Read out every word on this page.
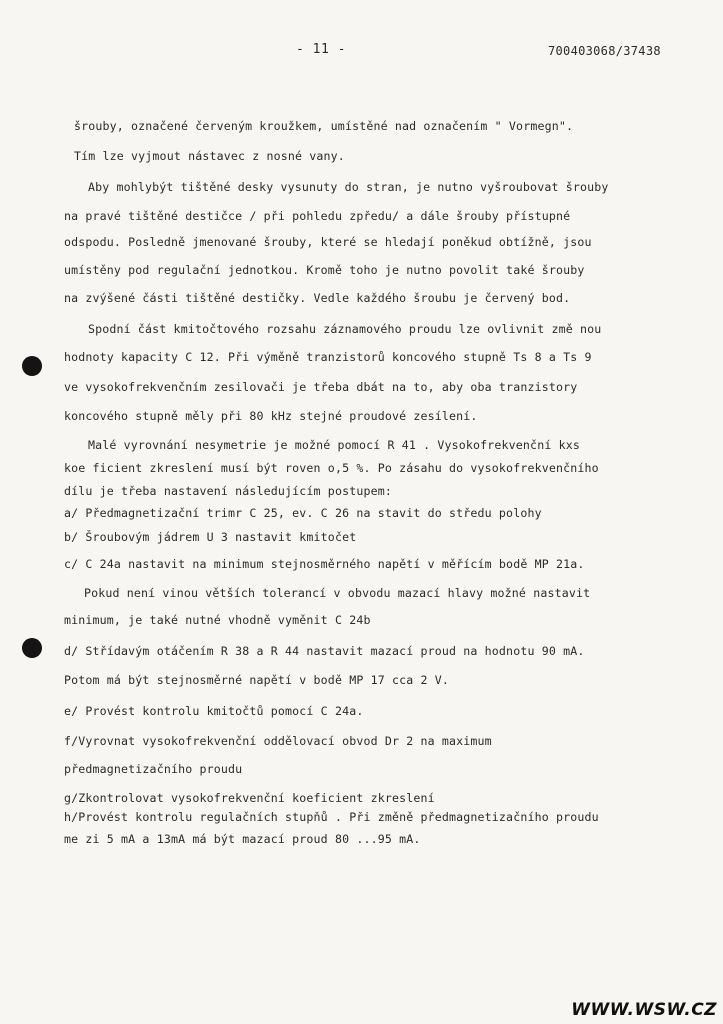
- 11 -	700403068/37438
šrouby, označené červeným kroužkem, umístěné nad označením " Vormegn".
Tím lze vyjmout nástavec z nosné vany.
Aby mohlybýt tištěné desky vysunuty do stran, je nutno vyšroubovat šrouby
na pravé tištěné destičce / při pohledu zpředu/ a dále šrouby přístupné
odspodu. Posledně jmenované šrouby, které se hledají poněkud obtížně, jsou
umístěny pod regulační jednotkou. Kromě toho je nutno povolit také šrouby
na zvýšené části tištěné destičky. Vedle každého šroubu je červený bod.
Spodní část kmitočtového rozsahu záznamového proudu lze ovlivnit změ nou
hodnoty kapacity C 12. Při výměně tranzistorů koncového stupně Ts 8 a Ts 9
ve vysokofrekvenčním zesilovači je třeba dbát na to, aby oba tranzistory
koncového stupně měly při 80 kHz stejné proudové zesílení.
Malé vyrovnání nesymetrie je možné pomocí R 41 . Vysokofrekvenční kxs
koe ficient zkreslení musí být roven o,5 %. Po zásahu do vysokofrekvenčního
dílu je třeba nastavení následujícím postupem:
a/ Předmagnetizační trimr C 25, ev. C 26 na stavit do středu polohy
b/ Šroubovým jádrem U 3 nastavit kmitočet
c/ C 24a nastavit na minimum stejnosměrného napětí v měřícím bodě MP 21a.
Pokud není vinou větších tolerancí v obvodu mazací hlavy možné nastavit
minimum, je také nutné vhodně vyměnit C 24b
d/ Střídavým otáčením R 38 a R 44 nastavit mazací proud na hodnotu 90 mA.
Potom má být stejnosměrné napětí v bodě MP 17 cca 2 V.
e/ Provést kontrolu kmitočtů pomocí C 24a.
f/Vyrovnat vysokofrekvenční oddělovací obvod Dr 2 na maximum
předmagnetizačního proudu
g/Zkontrolovat vysokofrekvenční koeficient zkreslení
h/Provést kontrolu regulačních stupňů . Při změně předmagnetizačního proudu
me zi 5 mA a 13mA má být mazací proud 80 ...95 mA.
WWW.WSW.CZ
